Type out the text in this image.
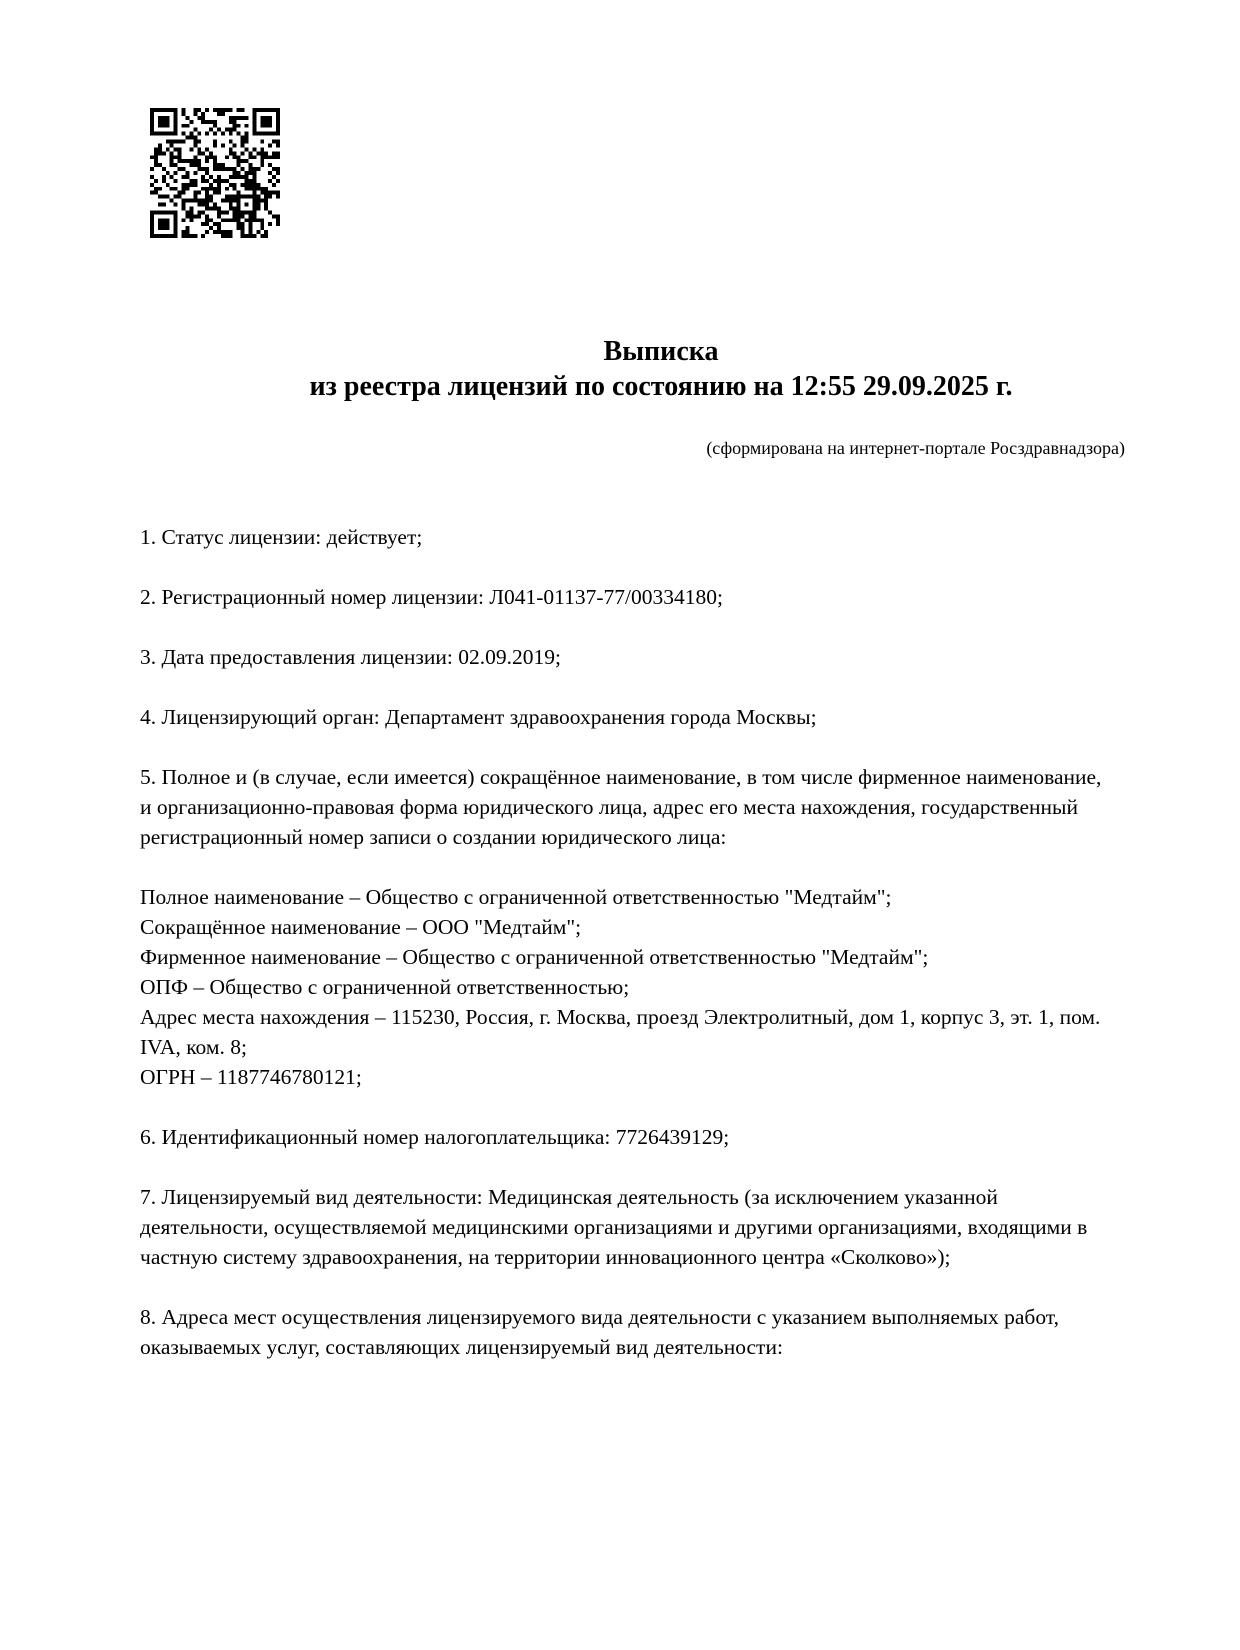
Выписка
из реестра лицензий по состоянию на 12:55 29.09.2025 г.
(сформирована на интернет-портале Росздравнадзора)

1. Статус лицензии: действует;

2. Регистрационный номер лицензии: Л041-01137-77/00334180;

3. Дата предоставления лицензии: 02.09.2019;

4. Лицензирующий орган: Департамент здравоохранения города Москвы;

5. Полное и (в случае, если имеется) сокращённое наименование, в том числе фирменное наименование, и организационно-правовая форма юридического лица, адрес его места нахождения, государственный регистрационный номер записи о создании юридического лица:

Полное наименование – Общество с ограниченной ответственностью "Медтайм";
Сокращённое наименование – ООО "Медтайм";
Фирменное наименование – Общество с ограниченной ответственностью "Медтайм";
ОПФ – Общество с ограниченной ответственностью;
Адрес места нахождения – 115230, Россия, г. Москва, проезд Электролитный, дом 1, корпус 3, эт. 1, пом. IVA, ком. 8;
ОГРН – 1187746780121;

6. Идентификационный номер налогоплательщика: 7726439129;

7. Лицензируемый вид деятельности: Медицинская деятельность (за исключением указанной деятельности, осуществляемой медицинскими организациями и другими организациями, входящими в частную систему здравоохранения, на территории инновационного центра «Сколково»);

8. Адреса мест осуществления лицензируемого вида деятельности с указанием выполняемых работ, оказываемых услуг, составляющих лицензируемый вид деятельности:
